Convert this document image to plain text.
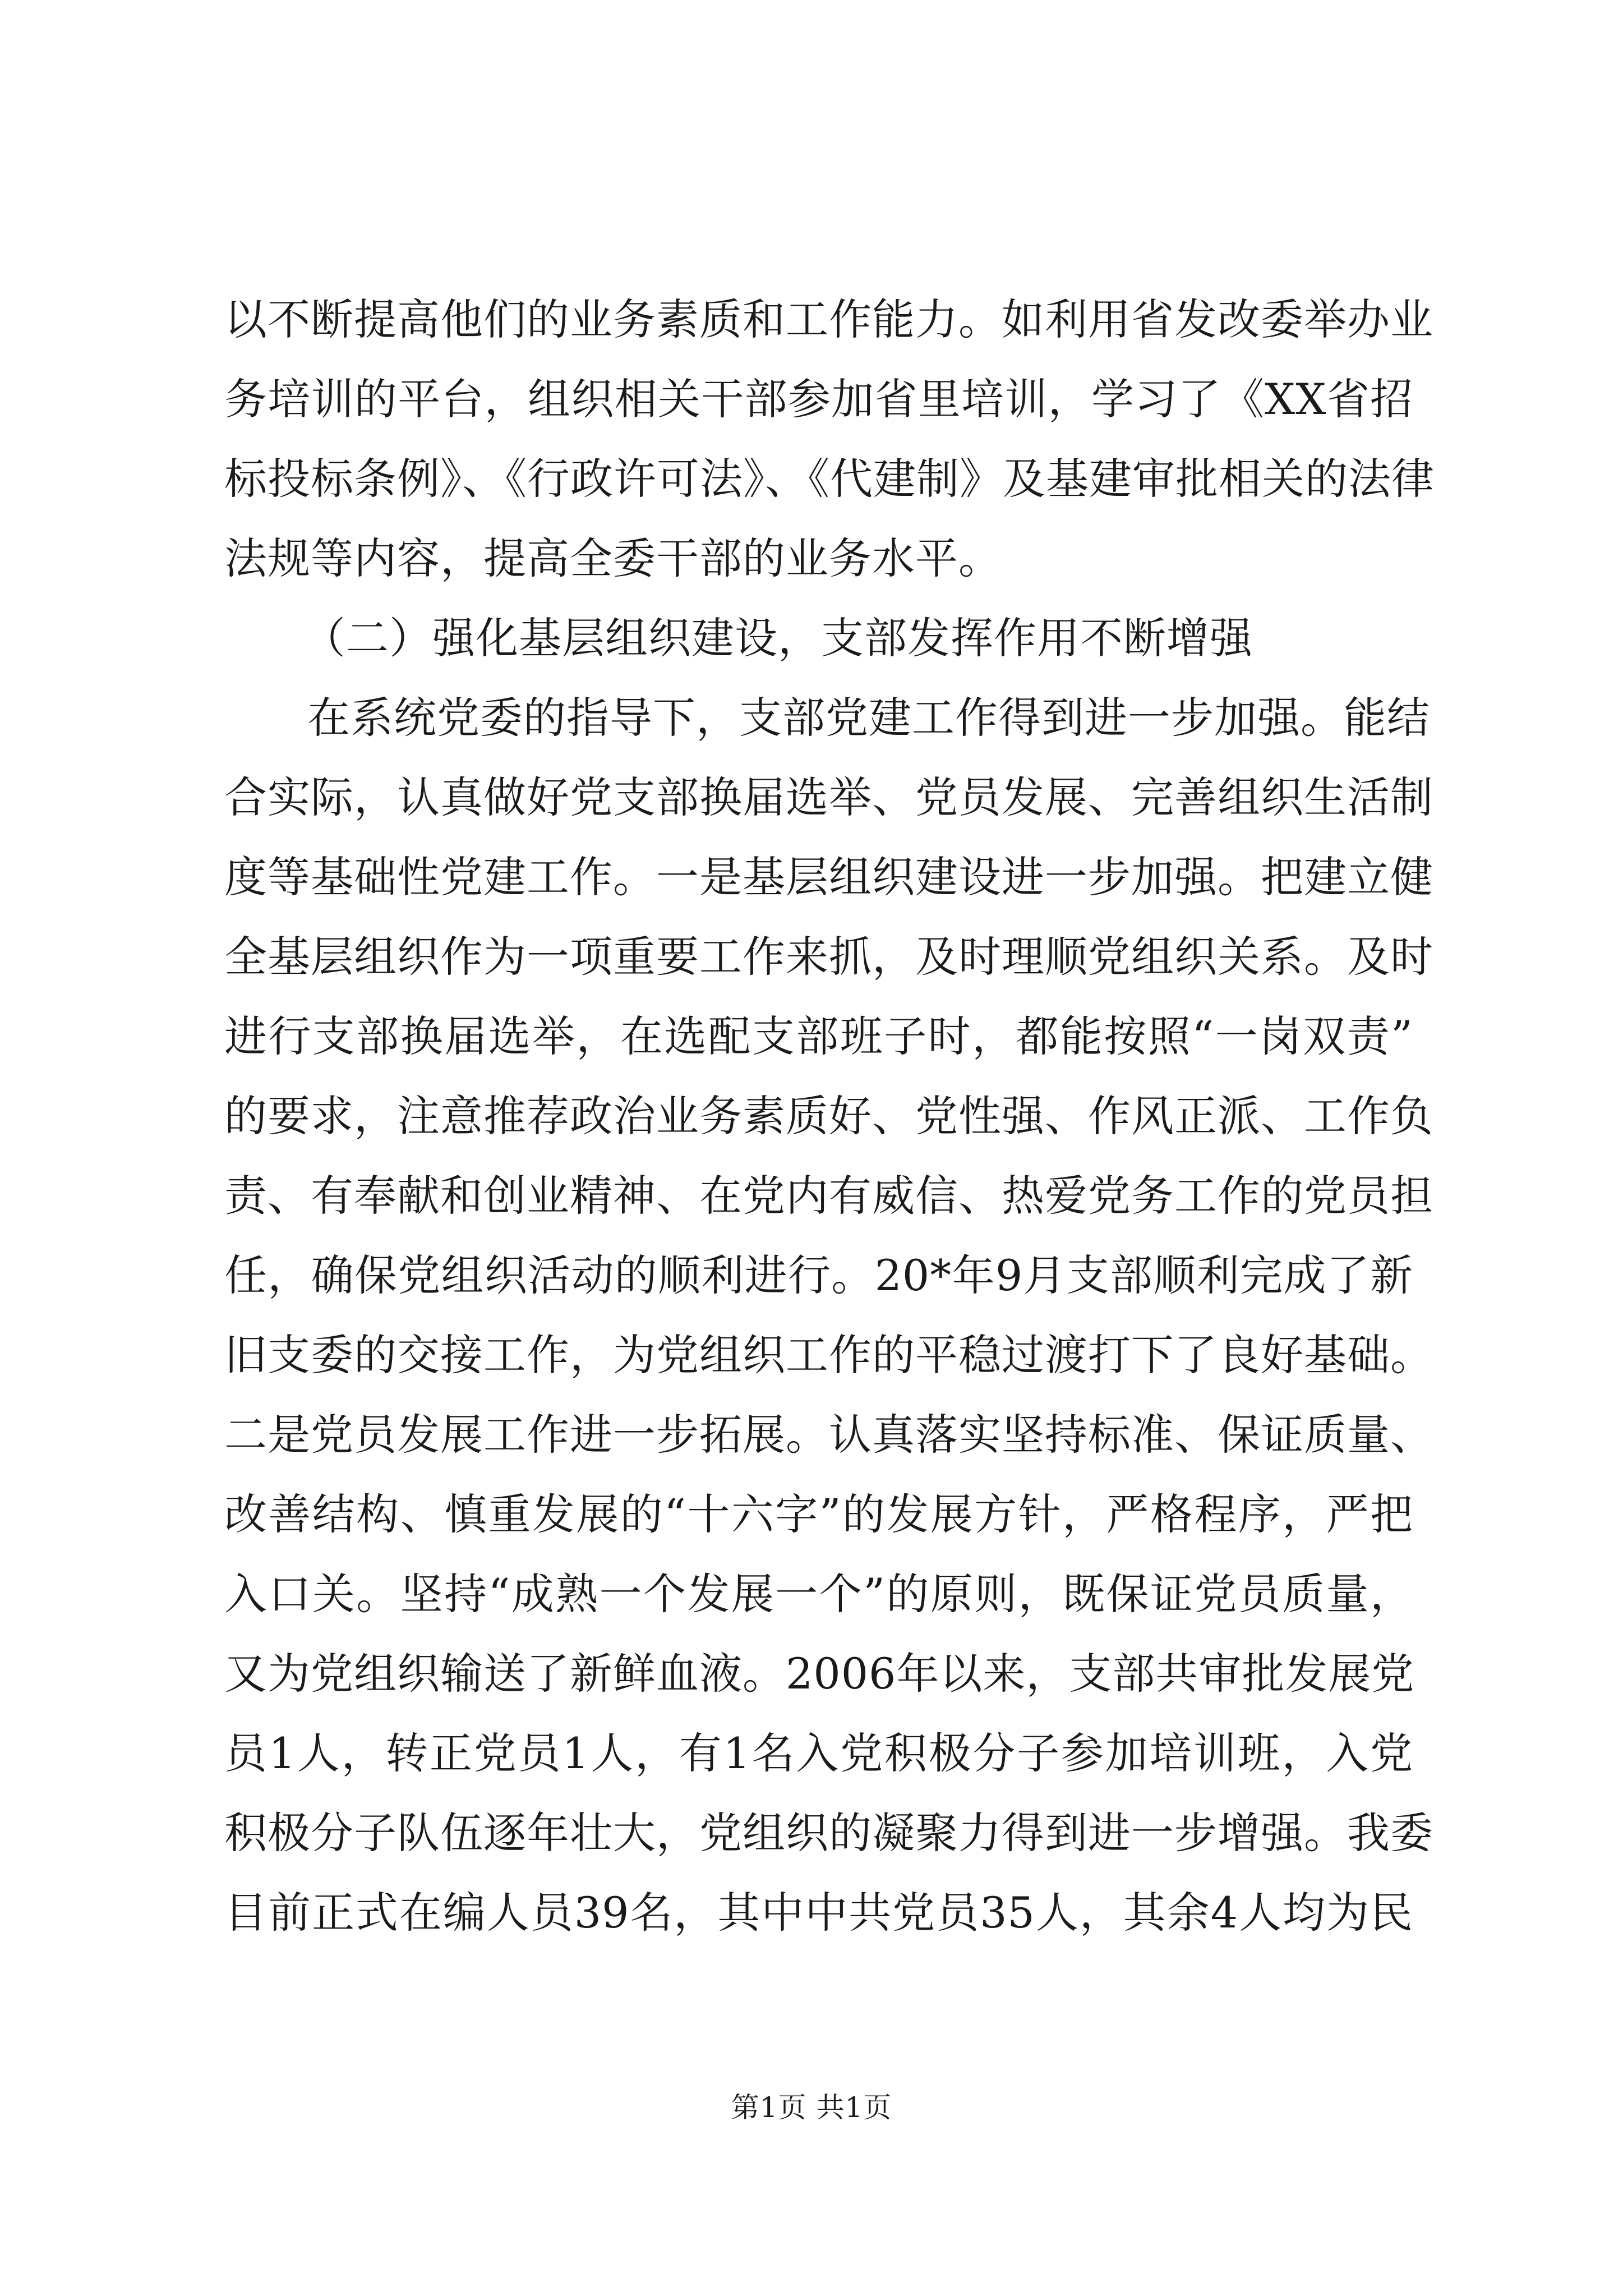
以不断提高他们的业务素质和工作能力。如利用省发改委举办业
务培训的平台，组织相关干部参加省里培训，学习了《XX省招
标投标条例》、《行政许可法》、《代建制》及基建审批相关的法律
法规等内容，提高全委干部的业务水平。
（二）强化基层组织建设，支部发挥作用不断增强
在系统党委的指导下，支部党建工作得到进一步加强。能结
合实际，认真做好党支部换届选举、党员发展、完善组织生活制
度等基础性党建工作。一是基层组织建设进一步加强。把建立健
全基层组织作为一项重要工作来抓，及时理顺党组织关系。及时
进行支部换届选举，在选配支部班子时，都能按照“一岗双责”
的要求，注意推荐政治业务素质好、党性强、作风正派、工作负
责、有奉献和创业精神、在党内有威信、热爱党务工作的党员担
任，确保党组织活动的顺利进行。20*年9月支部顺利完成了新
旧支委的交接工作，为党组织工作的平稳过渡打下了良好基础。
二是党员发展工作进一步拓展。认真落实坚持标准、保证质量、
改善结构、慎重发展的“十六字”的发展方针，严格程序，严把
入口关。坚持“成熟一个发展一个”的原则，既保证党员质量，
又为党组织输送了新鲜血液。2006年以来，支部共审批发展党
员1人，转正党员1人，有1名入党积极分子参加培训班，入党
积极分子队伍逐年壮大，党组织的凝聚力得到进一步增强。我委
目前正式在编人员39名，其中中共党员35人，其余4人均为民
第1页 共1页
